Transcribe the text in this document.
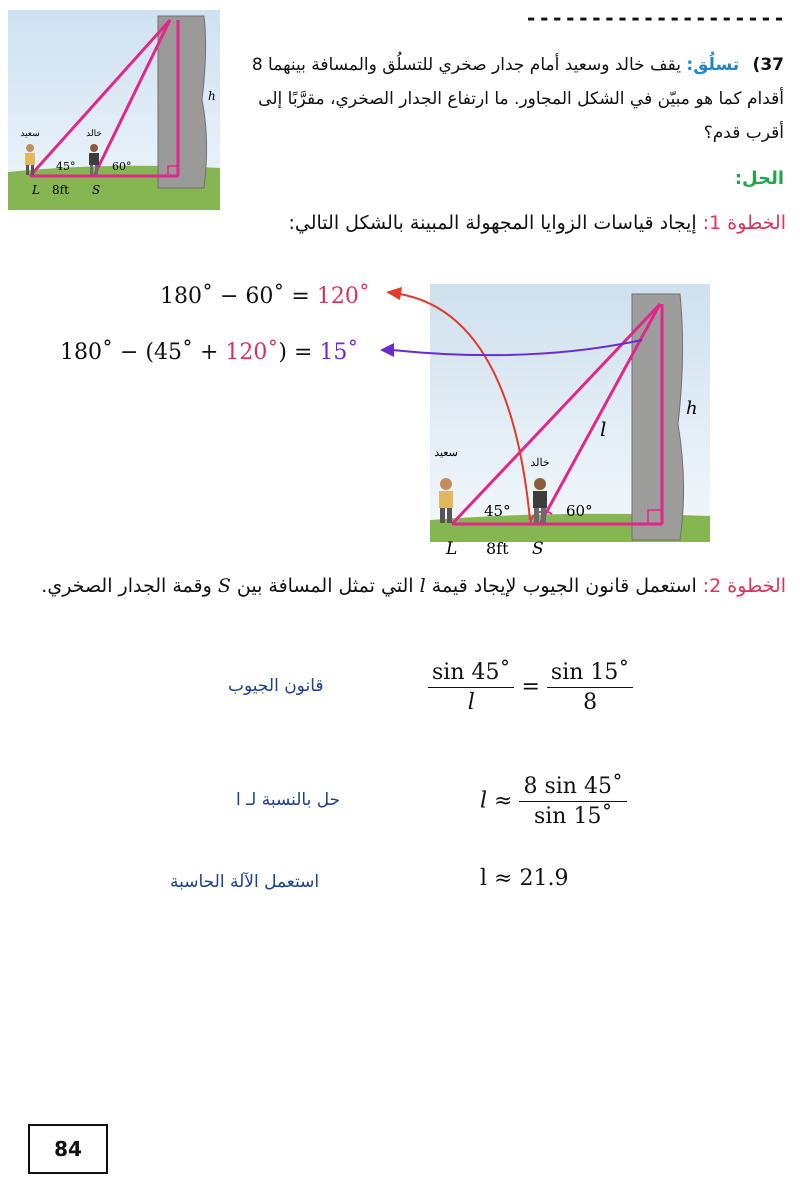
--------------------
سعيد	خالد
45°	60°
L 8ft S
h
37) تسلُق: يقف خالد وسعيد أمام جدار صخري للتسلُق والمسافة بينهما 8 أقدام كما هو مبيّن في الشكل المجاور. ما ارتفاع الجدار الصخري، مقرَّبًا إلى أقرب قدم؟
الحل:
الخطوة 1: إيجاد قياسات الزوايا المجهولة المبينة بالشكل التالي:
180˚ − 60˚ = 120˚
180˚ − (45˚ + 120˚) = 15˚
سعيد
خالد
45°	60°
L 8ft S
h
l
الخطوة 2: استعمل قانون الجيوب لإيجاد قيمة l التي تمثل المسافة بين S وقمة الجدار الصخري.
قانون الجيوب	$\frac{\sin 45˚}{l} = \frac{\sin 15˚}{8}$
حل بالنسبة لـ l	$l \approx \frac{8 \sin 45˚}{\sin 15˚}$
استعمل الآلة الحاسبة	l ≈ 21.9
84
